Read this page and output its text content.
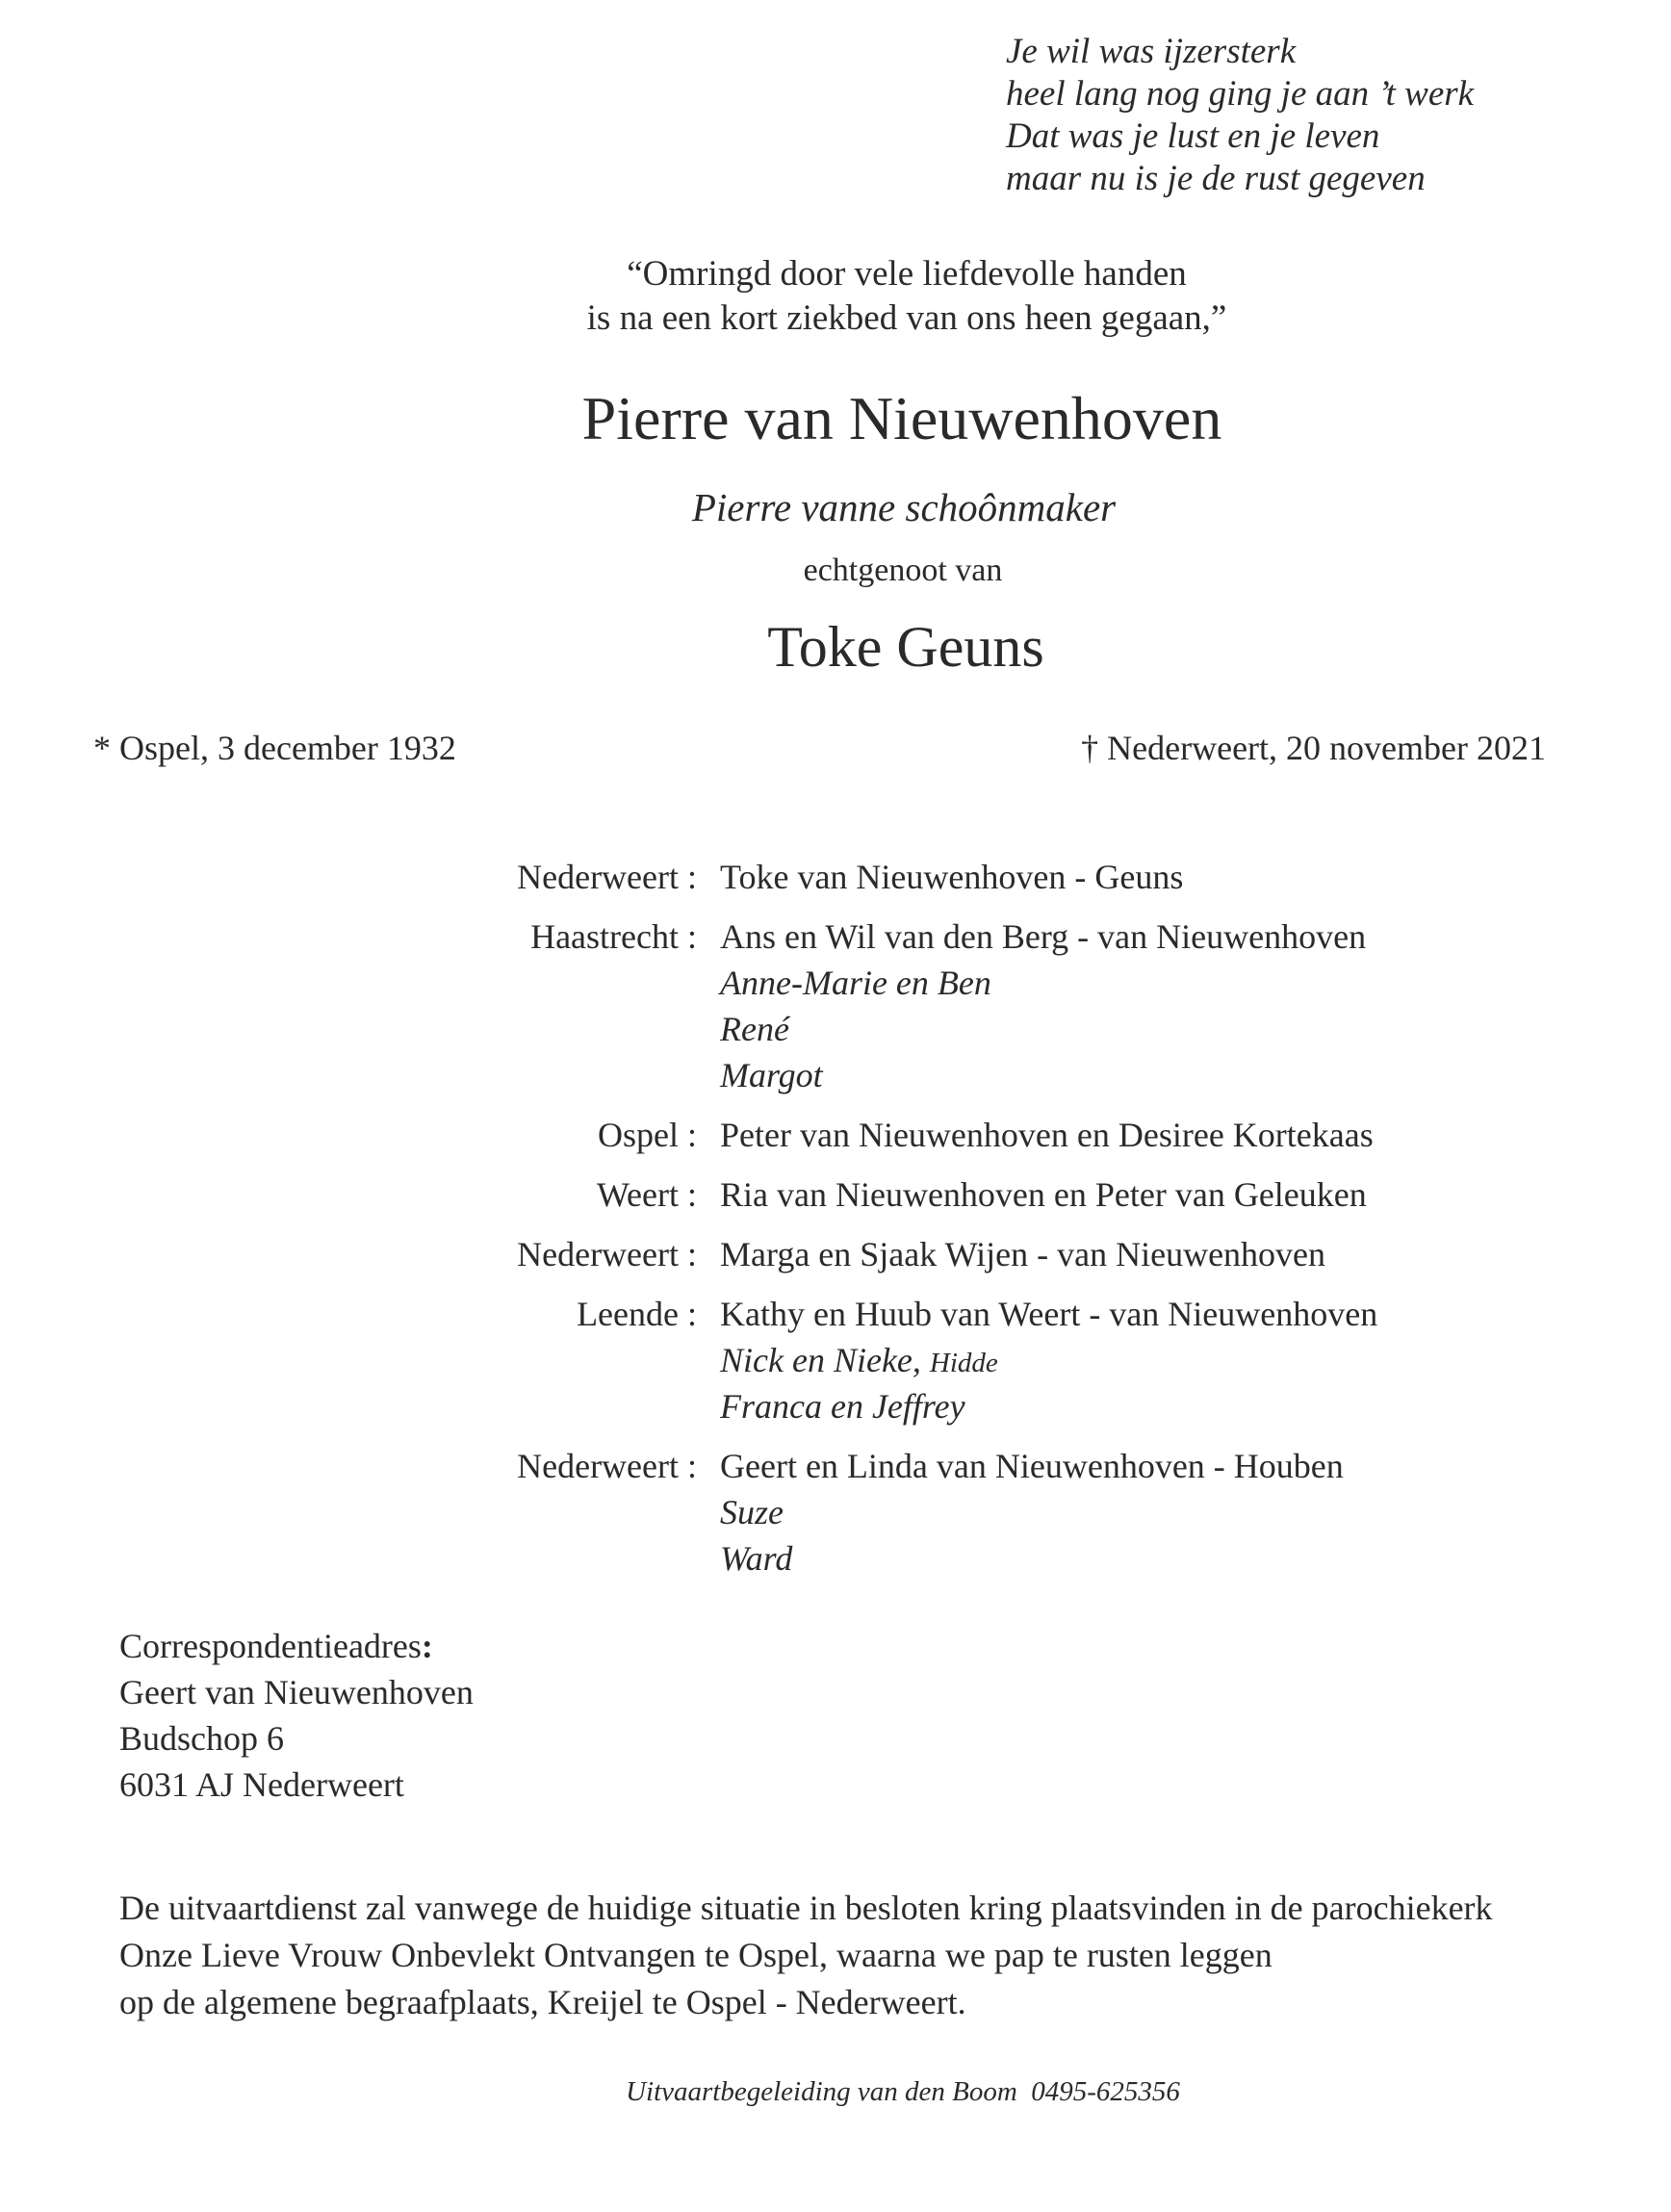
Je wil was ijzersterk
heel lang nog ging je aan ’t werk
Dat was je lust en je leven
maar nu is je de rust gegeven
“Omringd door vele liefdevolle handen
is na een kort ziekbed van ons heen gegaan,”
Pierre van Nieuwenhoven
Pierre vanne schoônmaker
echtgenoot van
Toke Geuns
* Ospel, 3 december 1932	† Nederweert, 20 november 2021
Nederweert : Toke van Nieuwenhoven - Geuns
Haastrecht : Ans en Wil van den Berg - van Nieuwenhoven
Anne-Marie en Ben
René
Margot
Ospel : Peter van Nieuwenhoven en Desiree Kortekaas
Weert : Ria van Nieuwenhoven en Peter van Geleuken
Nederweert : Marga en Sjaak Wijen - van Nieuwenhoven
Leende : Kathy en Huub van Weert - van Nieuwenhoven
Nick en Nieke, Hidde
Franca en Jeffrey
Nederweert : Geert en Linda van Nieuwenhoven - Houben
Suze
Ward
Correspondentieadres:
Geert van Nieuwenhoven
Budschop 6
6031 AJ Nederweert
De uitvaartdienst zal vanwege de huidige situatie in besloten kring plaatsvinden in de parochiekerk
Onze Lieve Vrouw Onbevlekt Ontvangen te Ospel, waarna we pap te rusten leggen
op de algemene begraafplaats, Kreijel te Ospel - Nederweert.
Uitvaartbegeleiding van den Boom  0495-625356
